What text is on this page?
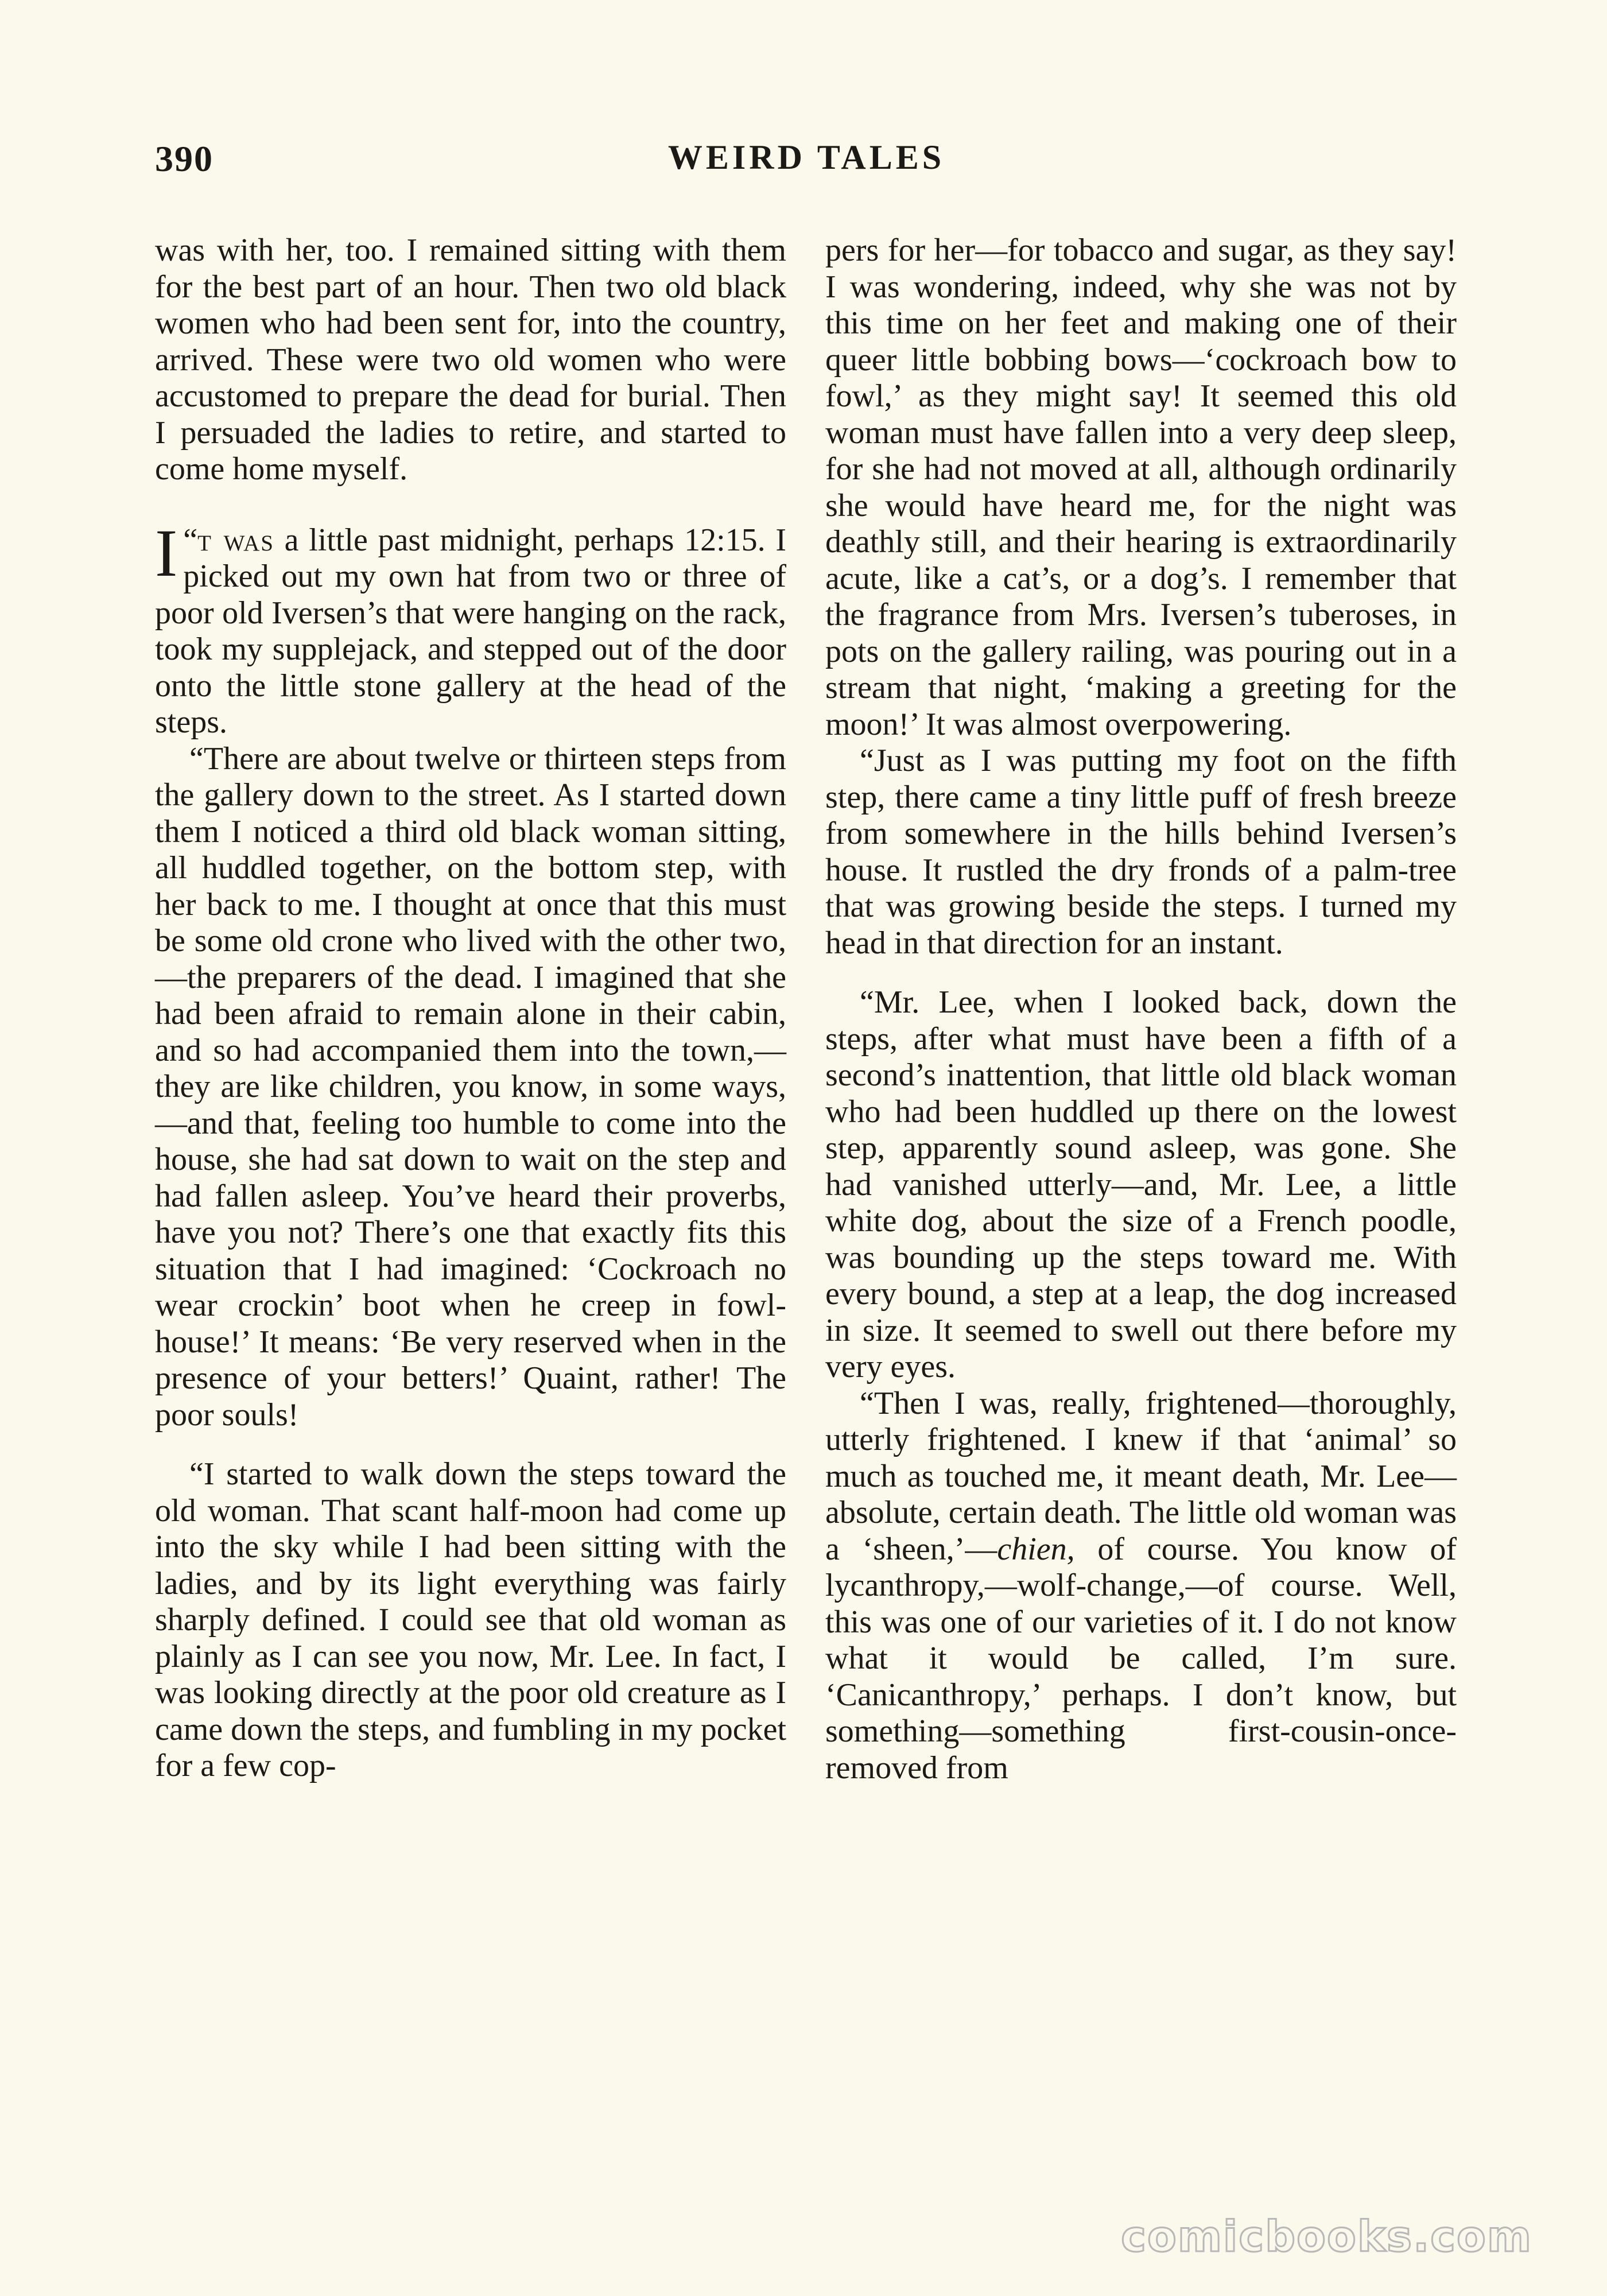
390	WEIRD TALES

was with her, too. I remained sitting with them for the best part of an hour. Then two old black women who had been sent for, into the country, arrived. These were two old women who were accustomed to prepare the dead for burial. Then I persuaded the ladies to retire, and started to come home myself.

“
I t was a little past midnight, perhaps 12:15. I picked out my own hat from two or three of poor old Iversen’s that were hanging on the rack, took my supplejack, and stepped out of the door onto the little stone gallery at the head of the steps.

“There are about twelve or thirteen steps from the gallery down to the street. As I started down them I noticed a third old black woman sitting, all huddled together, on the bottom step, with her back to me. I thought at once that this must be some old crone who lived with the other two,—the preparers of the dead. I imagined that she had been afraid to remain alone in their cabin, and so had accompanied them into the town,—they are like children, you know, in some ways,—and that, feeling too humble to come into the house, she had sat down to wait on the step and had fallen asleep. You’ve heard their proverbs, have you not? There’s one that exactly fits this situation that I had imagined: ‘Cockroach no wear crockin’ boot when he creep in fowl-house!’ It means: ‘Be very reserved when in the presence of your betters!’ Quaint, rather! The poor souls!

“I started to walk down the steps toward the old woman. That scant half-moon had come up into the sky while I had been sitting with the ladies, and by its light everything was fairly sharply defined. I could see that old woman as plainly as I can see you now, Mr. Lee. In fact, I was looking directly at the poor old creature as I came down the steps, and fumbling in my pocket for a few cop-

pers for her—for tobacco and sugar, as they say! I was wondering, indeed, why she was not by this time on her feet and making one of their queer little bobbing bows—‘cockroach bow to fowl,’ as they might say! It seemed this old woman must have fallen into a very deep sleep, for she had not moved at all, although ordinarily she would have heard me, for the night was deathly still, and their hearing is extraordinarily acute, like a cat’s, or a dog’s. I remember that the fragrance from Mrs. Iversen’s tuberoses, in pots on the gallery railing, was pouring out in a stream that night, ‘making a greeting for the moon!’ It was almost overpowering.

“Just as I was putting my foot on the fifth step, there came a tiny little puff of fresh breeze from somewhere in the hills behind Iversen’s house. It rustled the dry fronds of a palm-tree that was growing beside the steps. I turned my head in that direction for an instant.

“Mr. Lee, when I looked back, down the steps, after what must have been a fifth of a second’s inattention, that little old black woman who had been huddled up there on the lowest step, apparently sound asleep, was gone. She had vanished utterly—and, Mr. Lee, a little white dog, about the size of a French poodle, was bounding up the steps toward me. With every bound, a step at a leap, the dog increased in size. It seemed to swell out there before my very eyes.

“Then I was, really, frightened—thoroughly, utterly frightened. I knew if that ‘animal’ so much as touched me, it meant death, Mr. Lee—absolute, certain death. The little old woman was a ‘sheen,’—chien, of course. You know of lycanthropy,—wolf-change,—of course. Well, this was one of our varieties of it. I do not know what it would be called, I’m sure. ‘Canicanthropy,’ perhaps. I don’t know, but something—something first-cousin-once-removed from

comicbooks.com
